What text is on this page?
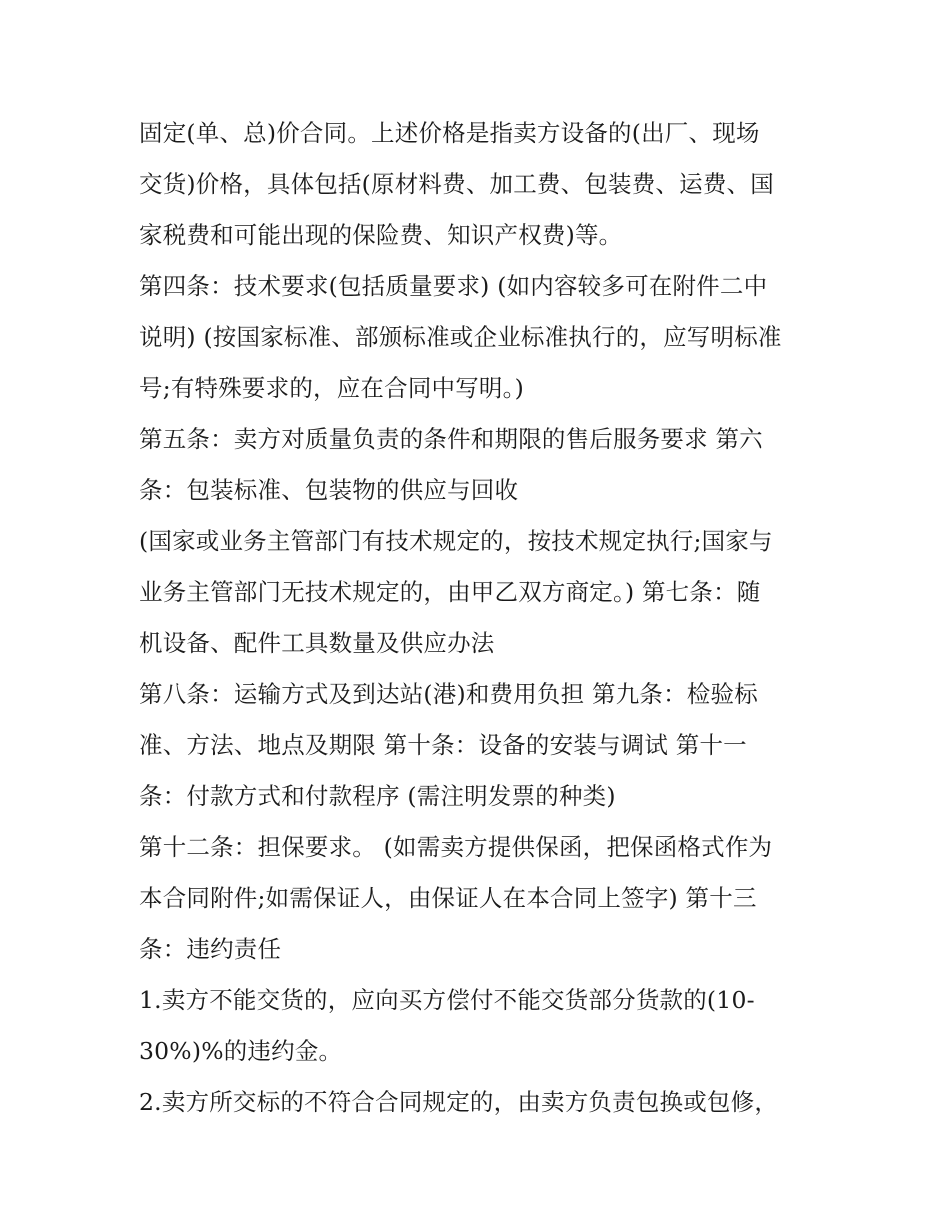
固定(单、总)价合同。上述价格是指卖方设备的(出厂、现场
交货)价格，具体包括(原材料费、加工费、包装费、运费、国
家税费和可能出现的保险费、知识产权费)等。
第四条：技术要求(包括质量要求) (如内容较多可在附件二中
说明) (按国家标准、部颁标准或企业标准执行的，应写明标准
号;有特殊要求的，应在合同中写明。)
第五条：卖方对质量负责的条件和期限的售后服务要求 第六
条：包装标准、包装物的供应与回收
(国家或业务主管部门有技术规定的，按技术规定执行;国家与
业务主管部门无技术规定的，由甲乙双方商定。) 第七条：随
机设备、配件工具数量及供应办法
第八条：运输方式及到达站(港)和费用负担 第九条：检验标
准、方法、地点及期限 第十条：设备的安装与调试 第十一
条：付款方式和付款程序 (需注明发票的种类)
第十二条：担保要求。 (如需卖方提供保函，把保函格式作为
本合同附件;如需保证人，由保证人在本合同上签字) 第十三
条：违约责任
1.卖方不能交货的，应向买方偿付不能交货部分货款的(10-
30%)%的违约金。
2.卖方所交标的不符合合同规定的，由卖方负责包换或包修，
